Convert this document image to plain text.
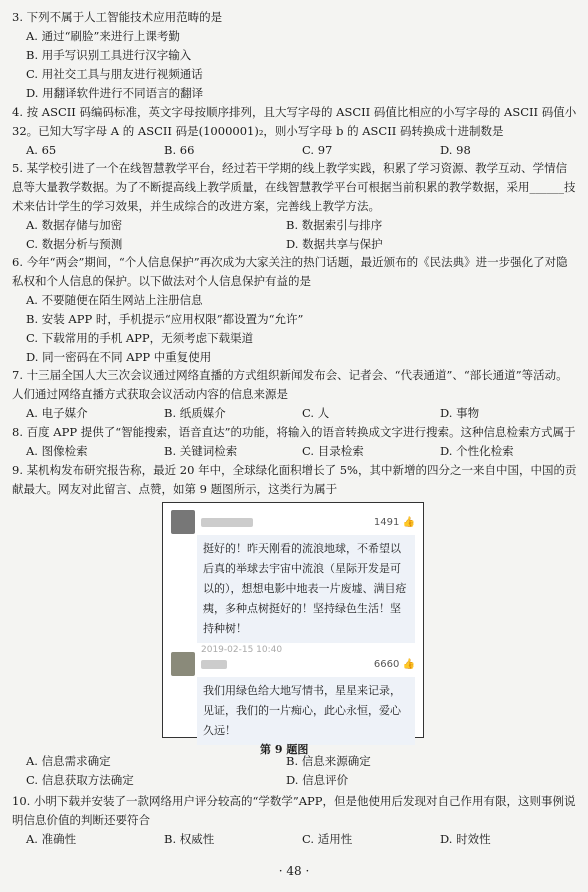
3. 下列不属于人工智能技术应用范畴的是
A. 通过“刷脸”来进行上课考勤
B. 用手写识别工具进行汉字输入
C. 用社交工具与朋友进行视频通话
D. 用翻译软件进行不同语言的翻译
4. 按 ASCII 码编码标准，英文字母按顺序排列，且大写字母的 ASCII 码值比相应的小写字母的 ASCII 码值小 32。已知大写字母 A 的 ASCII 码是(1000001)₂，则小写字母 b 的 ASCII 码转换成十进制数是
A. 65	B. 66	C. 97	D. 98
5. 某学校引进了一个在线智慧教学平台，经过若干学期的线上教学实践，积累了学习资源、教学互动、学情信息等大量教学数据。为了不断提高线上教学质量，在线智慧教学平台可根据当前积累的教学数据，采用______技术来估计学生的学习效果，并生成综合的改进方案，完善线上教学方法。
A. 数据存储与加密	B. 数据索引与排序
C. 数据分析与预测	D. 数据共享与保护
6. 今年“两会”期间，“个人信息保护”再次成为大家关注的热门话题，最近颁布的《民法典》进一步强化了对隐私权和个人信息的保护。以下做法对个人信息保护有益的是
A. 不要随便在陌生网站上注册信息
B. 安装 APP 时，手机提示“应用权限”都设置为“允许”
C. 下载常用的手机 APP，无须考虑下载渠道
D. 同一密码在不同 APP 中重复使用
7. 十三届全国人大三次会议通过网络直播的方式组织新闻发布会、记者会、“代表通道”、“部长通道”等活动。人们通过网络直播方式获取会议活动内容的信息来源是
A. 电子媒介	B. 纸质媒介	C. 人	D. 事物
8. 百度 APP 提供了“智能搜索，语音直达”的功能，将输入的语音转换成文字进行搜索。这种信息检索方式属于
A. 图像检索	B. 关键词检索	C. 目录检索	D. 个性化检索
9. 某机构发布研究报告称，最近 20 年中，全球绿化面积增长了 5%，其中新增的四分之一来自中国，中国的贡献最大。网友对此留言、点赞，如第 9 题图所示，这类行为属于
1491 👍
挺好的！昨天刚看的流浪地球，不希望以后真的举球去宇宙中流浪（星际开发是可以的），想想电影中地表一片废墟、满目疮痍，多种点树挺好的！坚持绿色生活！坚持种树！
2019-02-15 10:40
6660 👍
我们用绿色给大地写情书，星星来记录，见证，我们的一片痴心，此心永恒，爱心久远！
第 9 题图
A. 信息需求确定	B. 信息来源确定
C. 信息获取方法确定	D. 信息评价
10. 小明下载并安装了一款网络用户评分较高的“学数学”APP，但是他使用后发现对自己作用有限，这则事例说明信息价值的判断还要符合
A. 准确性	B. 权威性	C. 适用性	D. 时效性
· 48 ·
